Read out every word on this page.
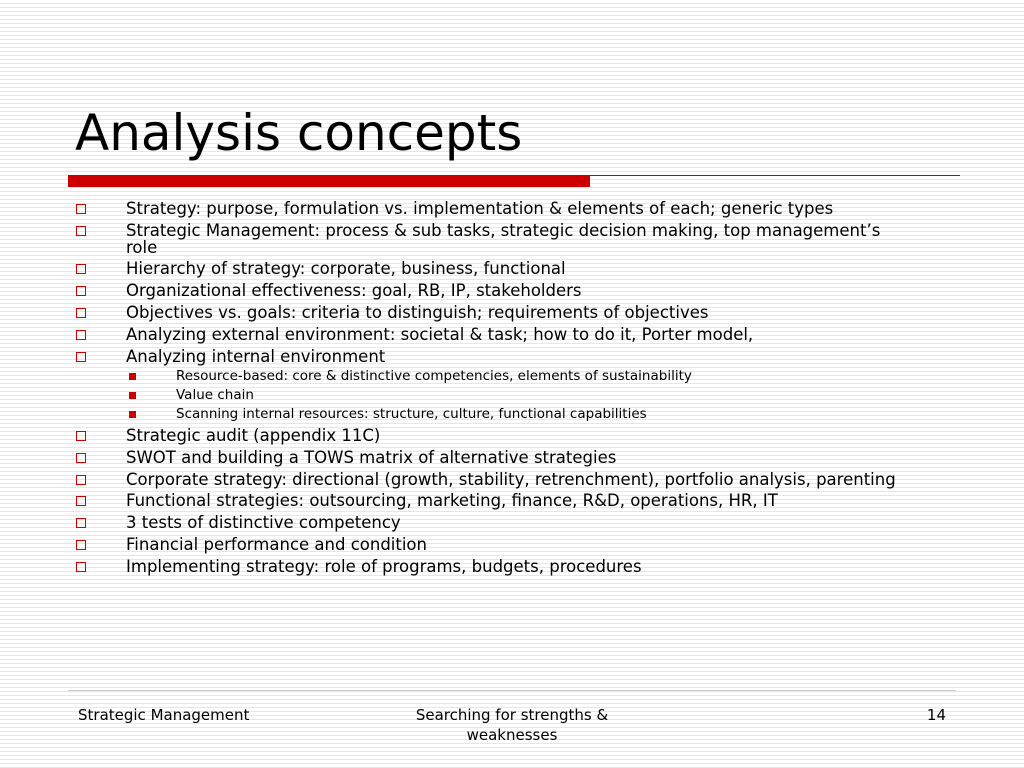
Analysis concepts
Strategy: purpose, formulation vs. implementation & elements of each; generic types
Strategic Management: process & sub tasks, strategic decision making, top management’s role
Hierarchy of strategy: corporate, business, functional
Organizational effectiveness: goal, RB, IP, stakeholders
Objectives vs. goals: criteria to distinguish; requirements of objectives
Analyzing external environment: societal & task; how to do it, Porter model,
Analyzing internal environment
Resource-based: core & distinctive competencies, elements of sustainability
Value chain
Scanning internal resources: structure, culture, functional capabilities
Strategic audit (appendix 11C)
SWOT and building a TOWS matrix of alternative strategies
Corporate strategy: directional (growth, stability, retrenchment), portfolio analysis, parenting
Functional strategies: outsourcing, marketing, finance, R&D, operations, HR, IT
3 tests of distinctive competency
Financial performance and condition
Implementing strategy: role of programs, budgets, procedures
Strategic Management	Searching for strengths & weaknesses
14
